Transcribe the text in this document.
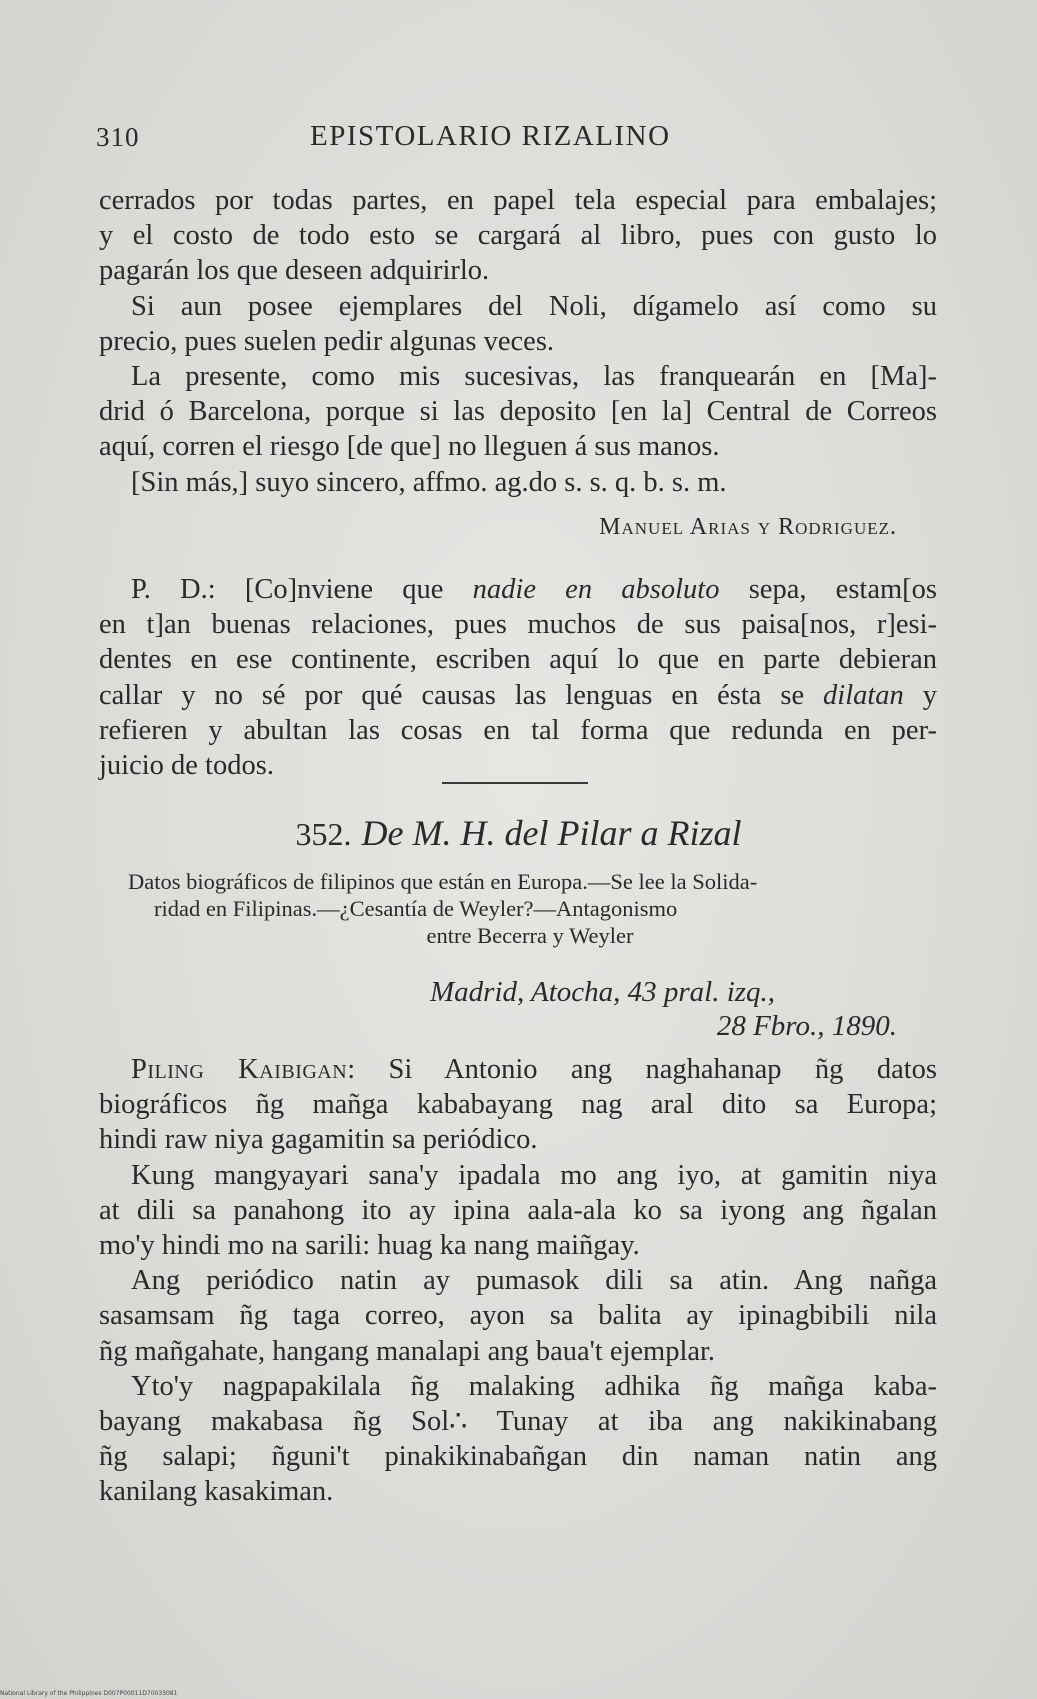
310	EPISTOLARIO RIZALINO
cerrados por todas partes, en papel tela especial para embalajes;
y el costo de todo esto se cargará al libro, pues con gusto lo
pagarán los que deseen adquirirlo.
Si aun posee ejemplares del Noli, dígamelo así como su
precio, pues suelen pedir algunas veces.
La presente, como mis sucesivas, las franquearán en [Ma]-
drid ó Barcelona, porque si las deposito [en la] Central de Correos
aquí, corren el riesgo [de que] no lleguen á sus manos.
[Sin más,] suyo sincero, affmo. ag.do s. s. q. b. s. m.
Manuel Arias y Rodriguez.
P. D.: [Co]nviene que nadie en absoluto sepa, estam[os
en t]an buenas relaciones, pues muchos de sus paisa[nos, r]esi-
dentes en ese continente, escriben aquí lo que en parte debieran
callar y no sé por qué causas las lenguas en ésta se dilatan y
refieren y abultan las cosas en tal forma que redunda en per-
juicio de todos.
352. De M. H. del Pilar a Rizal
Datos biográficos de filipinos que están en Europa.—Se lee la Solida-
ridad en Filipinas.—¿Cesantía de Weyler?—Antagonismo
entre Becerra y Weyler
Madrid, Atocha, 43 pral. izq.,
28 Fbro., 1890.
Piling Kaibigan: Si Antonio ang naghahanap ñg datos
biográficos ñg mañga kababayang nag aral dito sa Europa;
hindi raw niya gagamitin sa periódico.
Kung mangyayari sana'y ipadala mo ang iyo, at gamitin niya
at dili sa panahong ito ay ipina aala-ala ko sa iyong ang ñgalan
mo'y hindi mo na sarili: huag ka nang maiñgay.
Ang periódico natin ay pumasok dili sa atin. Ang nañga
sasamsam ñg taga correo, ayon sa balita ay ipinagbibili nila
ñg mañgahate, hangang manalapi ang baua't ejemplar.
Yto'y nagpapakilala ñg malaking adhika ñg mañga kaba-
bayang makabasa ñg Sol∴ Tunay at iba ang nakikinabang
ñg salapi; ñguni't pinakikinabañgan din naman natin ang
kanilang kasakiman.
National Library of the Philippines D007P00011D70033081
